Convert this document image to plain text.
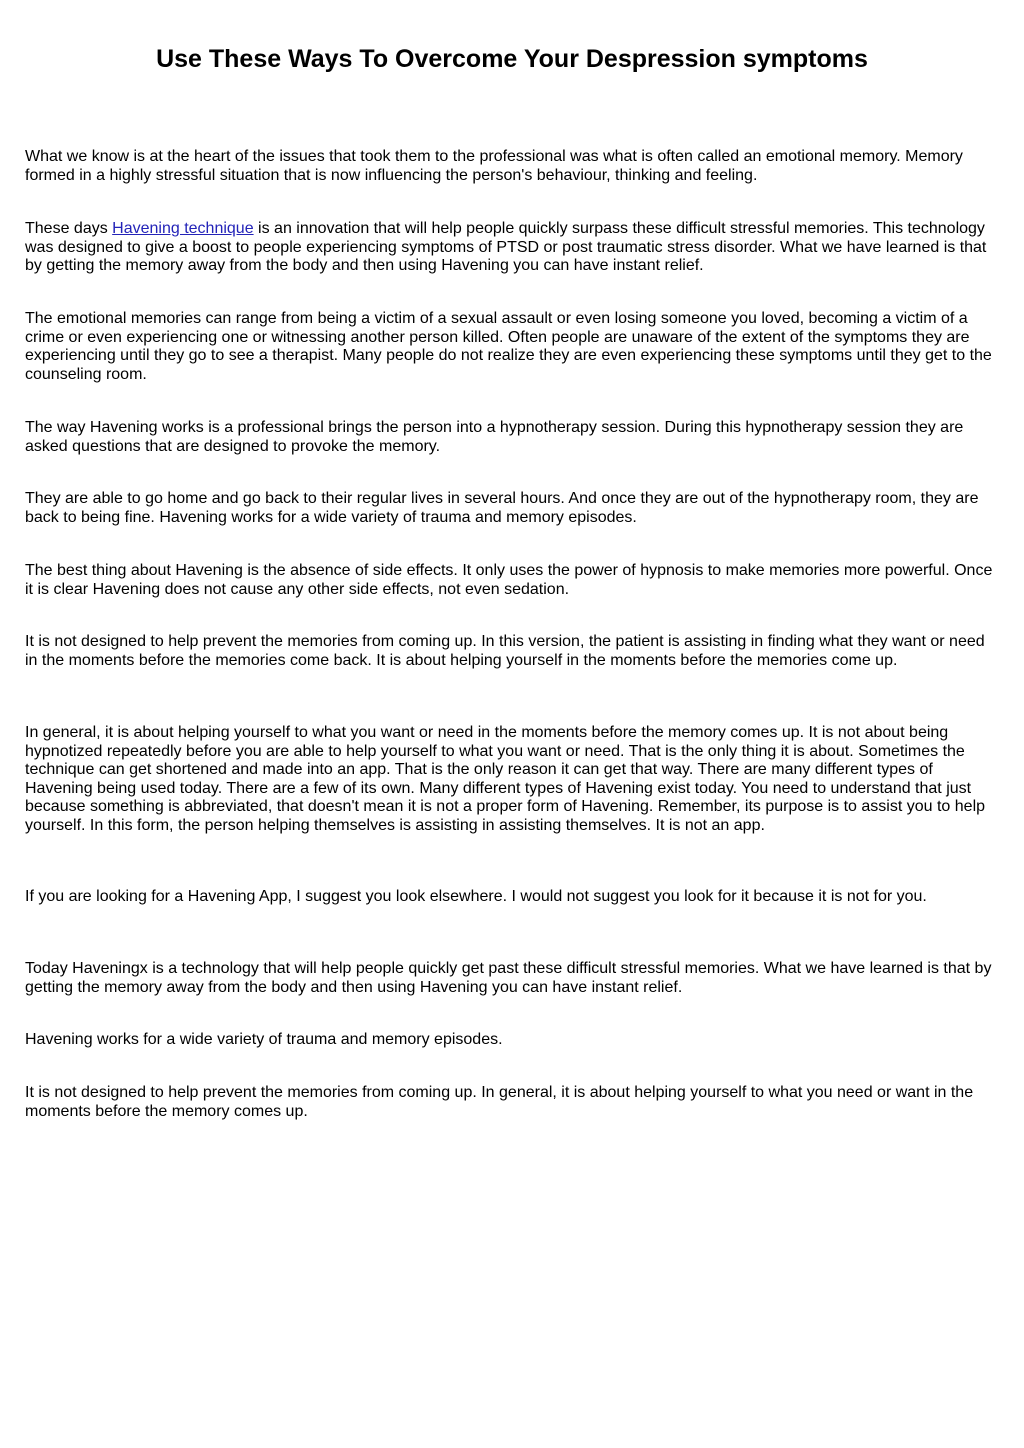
Use These Ways To Overcome Your Despression symptoms

What we know is at the heart of the issues that took them to the professional was what is often called an emotional memory. Memory formed in a highly stressful situation that is now influencing the person's behaviour, thinking and feeling.

These days Havening technique is an innovation that will help people quickly surpass these difficult stressful memories. This technology was designed to give a boost to people experiencing symptoms of PTSD or post traumatic stress disorder. What we have learned is that by getting the memory away from the body and then using Havening you can have instant relief.

The emotional memories can range from being a victim of a sexual assault or even losing someone you loved, becoming a victim of a crime or even experiencing one or witnessing another person killed. Often people are unaware of the extent of the symptoms they are experiencing until they go to see a therapist. Many people do not realize they are even experiencing these symptoms until they get to the counseling room.

The way Havening works is a professional brings the person into a hypnotherapy session. During this hypnotherapy session they are asked questions that are designed to provoke the memory.

They are able to go home and go back to their regular lives in several hours. And once they are out of the hypnotherapy room, they are back to being fine. Havening works for a wide variety of trauma and memory episodes.

The best thing about Havening is the absence of side effects. It only uses the power of hypnosis to make memories more powerful. Once it is clear Havening does not cause any other side effects, not even sedation.

It is not designed to help prevent the memories from coming up. In this version, the patient is assisting in finding what they want or need in the moments before the memories come back. It is about helping yourself in the moments before the memories come up.

In general, it is about helping yourself to what you want or need in the moments before the memory comes up. It is not about being hypnotized repeatedly before you are able to help yourself to what you want or need. That is the only thing it is about. Sometimes the technique can get shortened and made into an app. That is the only reason it can get that way. There are many different types of Havening being used today. There are a few of its own. Many different types of Havening exist today. You need to understand that just because something is abbreviated, that doesn't mean it is not a proper form of Havening. Remember, its purpose is to assist you to help yourself. In this form, the person helping themselves is assisting in assisting themselves. It is not an app.

If you are looking for a Havening App, I suggest you look elsewhere. I would not suggest you look for it because it is not for you.

Today Haveningx is a technology that will help people quickly get past these difficult stressful memories. What we have learned is that by getting the memory away from the body and then using Havening you can have instant relief.

Havening works for a wide variety of trauma and memory episodes.

It is not designed to help prevent the memories from coming up. In general, it is about helping yourself to what you need or want in the moments before the memory comes up.
